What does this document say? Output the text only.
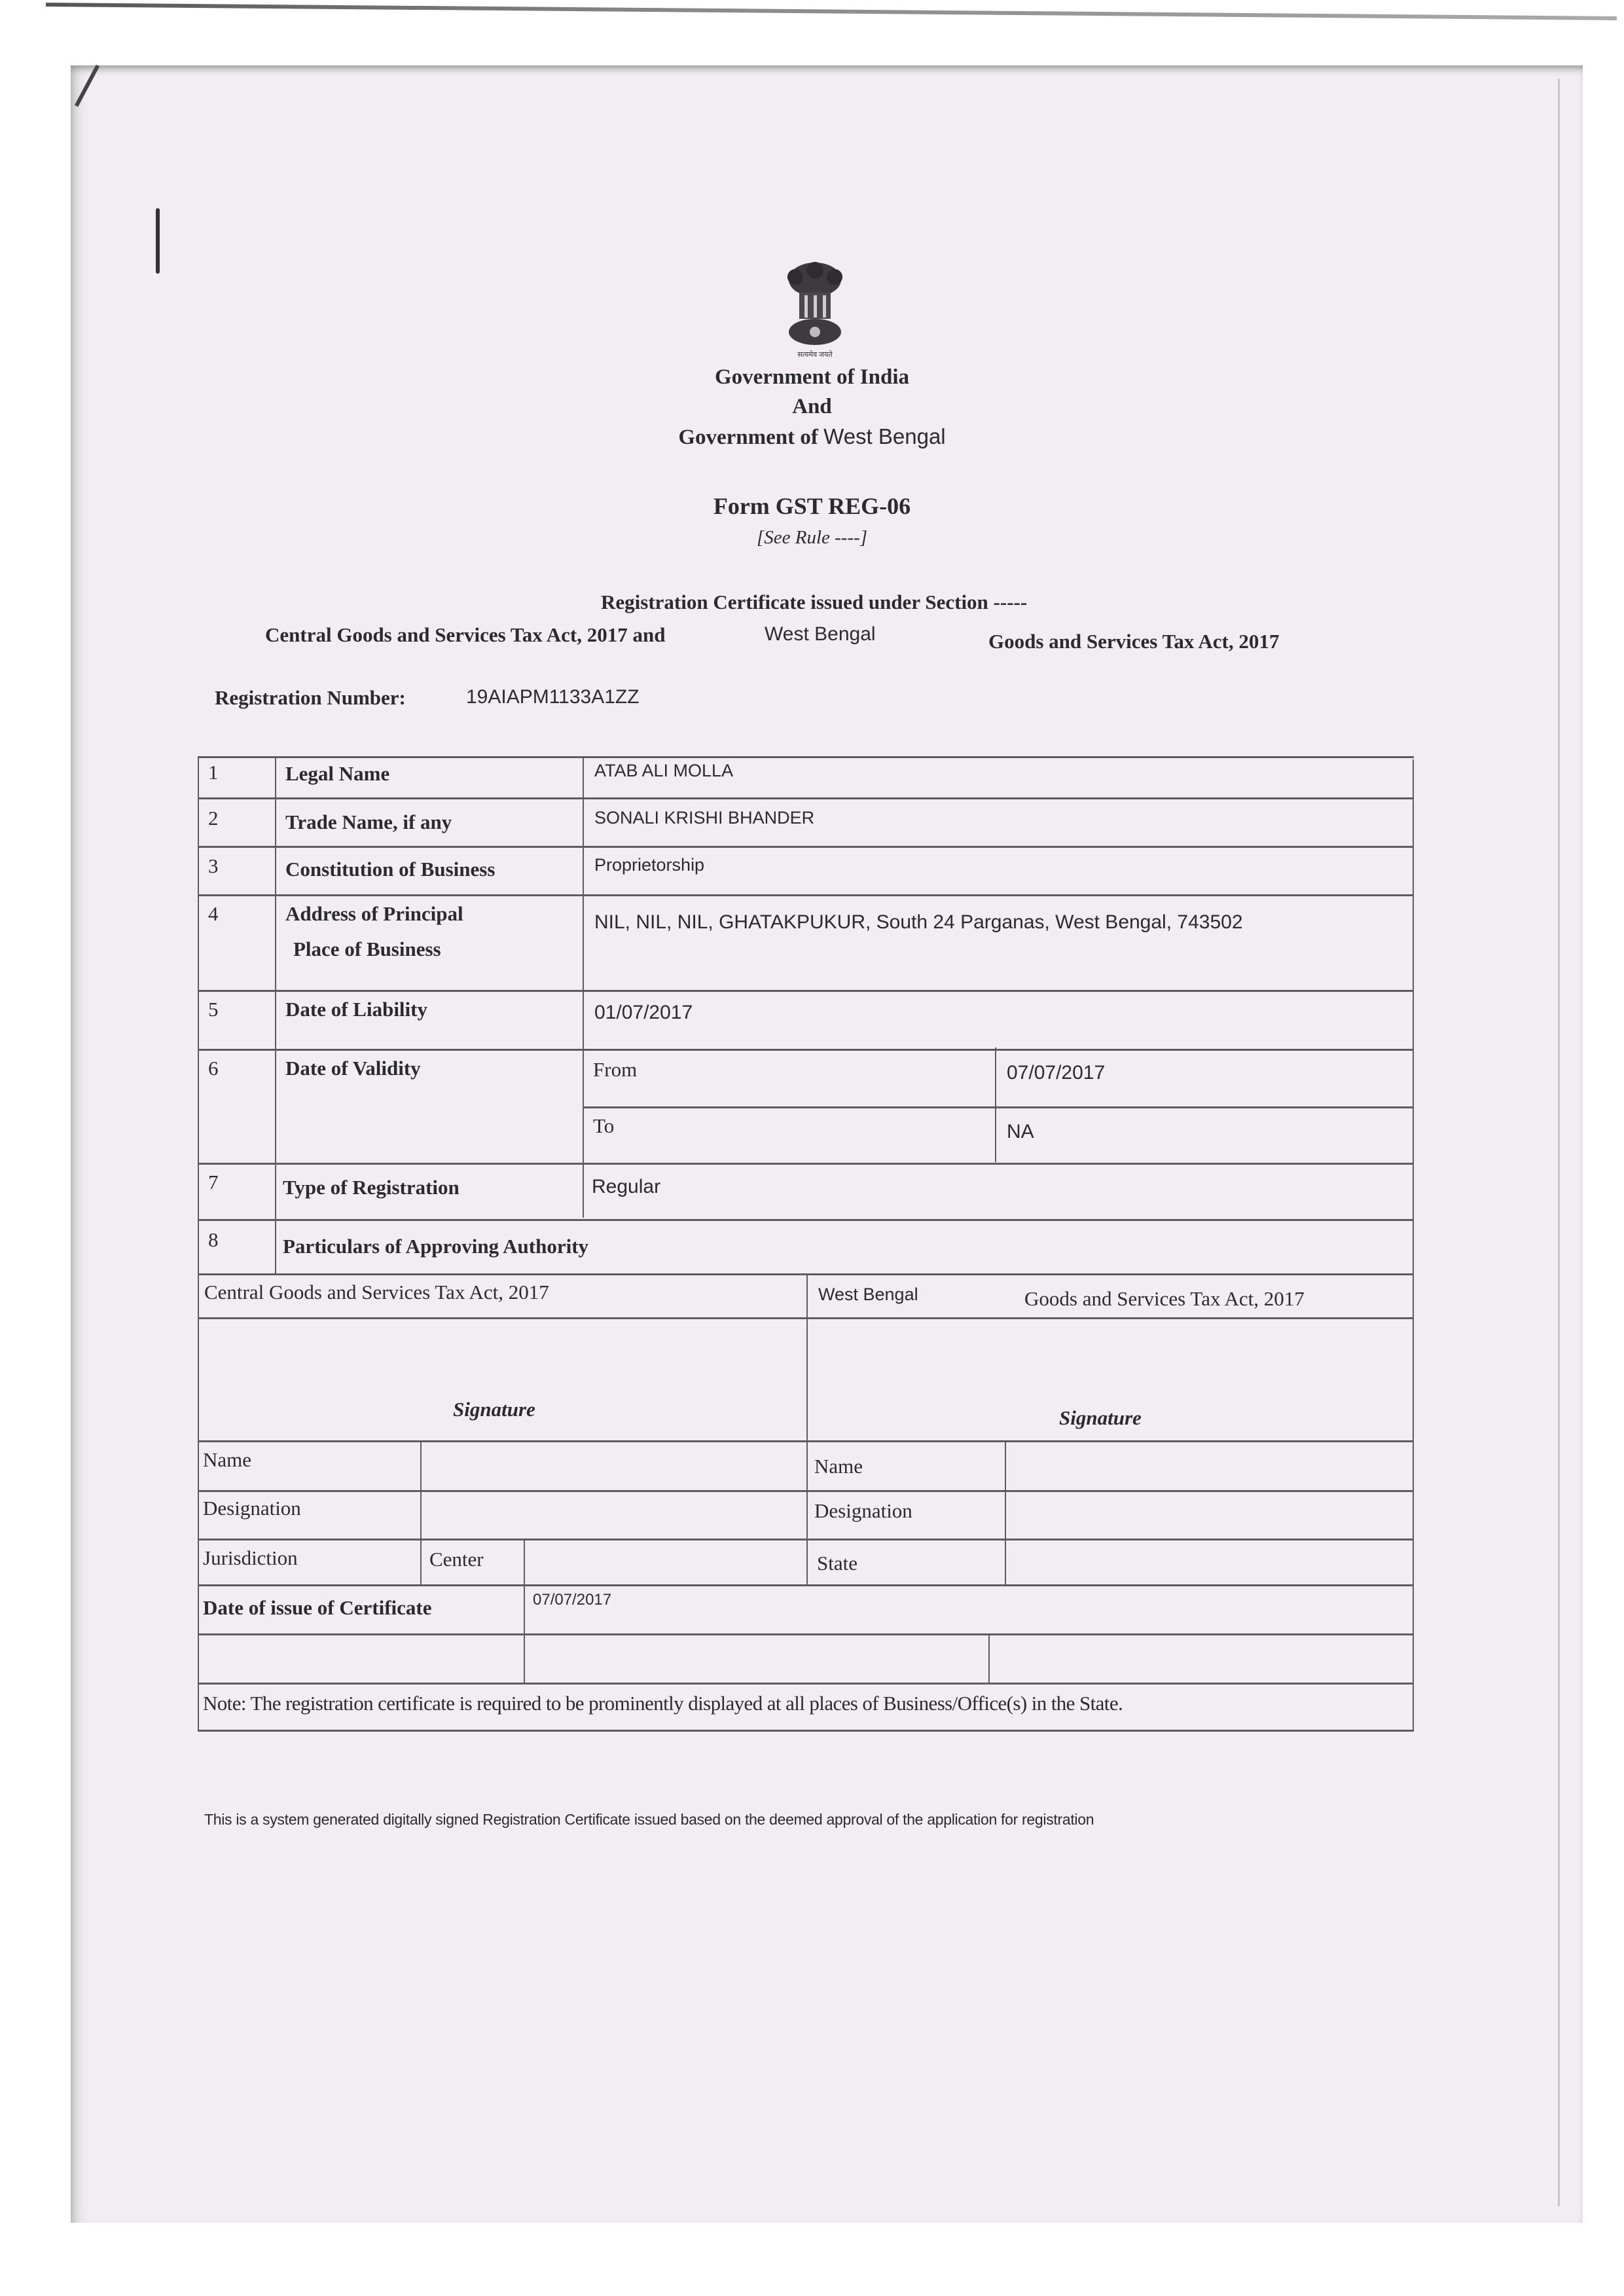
सत्यमेव जयते
Government of India
And
Government of West Bengal
Form GST REG-06
[See Rule ----]
Registration Certificate issued under Section -----
Central Goods and Services Tax Act, 2017 and	West Bengal	Goods and Services Tax Act, 2017
Registration Number:	19AIAPM1133A1ZZ
1	Legal Name	ATAB ALI MOLLA
2	Trade Name, if any	SONALI KRISHI BHANDER
3	Constitution of Business	Proprietorship
4	Address of Principal
Place of Business
NIL, NIL, NIL, GHATAKPUKUR, South 24 Parganas, West Bengal, 743502
5	Date of Liability	01/07/2017
6	Date of Validity	From	07/07/2017
To	NA
7	Type of Registration	Regular
8	Particulars of Approving Authority
Central Goods and Services Tax Act, 2017	West Bengal	Goods and Services Tax Act, 2017
Signature	Signature
Name	Name
Designation	Designation
Jurisdiction	Center	State
Date of issue of Certificate	07/07/2017
Note: The registration certificate is required to be prominently displayed at all places of Business/Office(s) in the State.
This is a system generated digitally signed Registration Certificate issued based on the deemed approval of the application for registration
